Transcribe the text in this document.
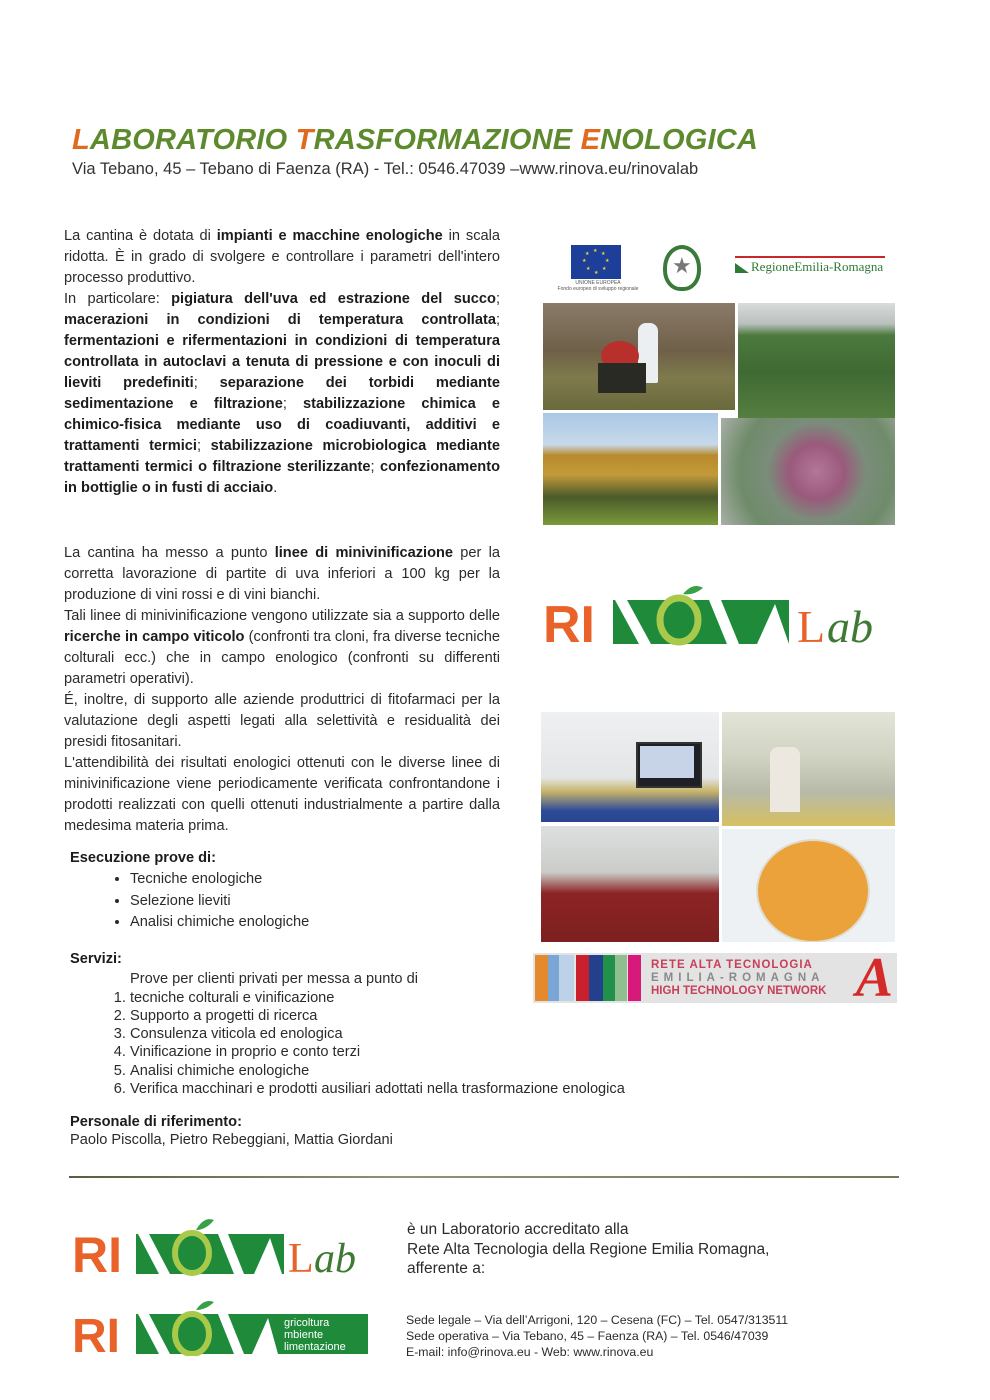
LABORATORIO TRASFORMAZIONE ENOLOGICA
Via Tebano, 45 – Tebano di Faenza (RA) - Tel.: 0546.47039 –www.rinova.eu/rinovalab
La cantina è dotata di impianti e macchine enologiche in scala ridotta. È in grado di svolgere e controllare i parametri dell'intero processo produttivo.
In particolare: pigiatura dell'uva ed estrazione del succo; macerazioni in condizioni di temperatura controllata; fermentazioni e rifermentazioni in condizioni di temperatura controllata in autoclavi a tenuta di pressione e con inoculi di lieviti predefiniti; separazione dei torbidi mediante sedimentazione e filtrazione; stabilizzazione chimica e chimico-fisica mediante uso di coadiuvanti, additivi e trattamenti termici; stabilizzazione microbiologica mediante trattamenti termici o filtrazione sterilizzante; confezionamento in bottiglie o in fusti di acciaio.
La cantina ha messo a punto linee di minivinificazione per la corretta lavorazione di partite di uva inferiori a 100 kg per la produzione di vini rossi e di vini bianchi.
Tali linee di minivinificazione vengono utilizzate sia a supporto delle ricerche in campo viticolo (confronti tra cloni, fra diverse tecniche colturali ecc.) che in campo enologico (confronti su differenti parametri operativi).
É, inoltre, di supporto alle aziende produttrici di fitofarmaci per la valutazione degli aspetti legati alla selettività e residualità dei presidi fitosanitari.
L'attendibilità dei risultati enologici ottenuti con le diverse linee di minivinificazione viene periodicamente verificata confrontandone i prodotti realizzati con quelli ottenuti industrialmente a partire dalla medesima materia prima.
Esecuzione prove di:
• Tecniche enologiche
• Selezione lieviti
• Analisi chimiche enologiche
Servizi:
1. Prove per clienti privati per messa a punto di tecniche colturali e vinificazione
2. Supporto a progetti di ricerca
3. Consulenza viticola ed enologica
4. Vinificazione in proprio e conto terzi
5. Analisi chimiche enologiche
6. Verifica macchinari e prodotti ausiliari adottati nella trasformazione enologica
Personale di riferimento:
Paolo Piscolla, Pietro Rebeggiani, Mattia Giordani
★ ★
★
★
★
★
★
★
UNIONE EUROPEA
Fondo europeo di sviluppo regionale
★
RegioneEmilia-Romagna
RI	L ab
RETE ALTA TECNOLOGIA
EMILIA-ROMAGNA
HIGH TECHNOLOGY NETWORK A
RI	L ab
RI	gricoltura
mbiente
limentazione
è un Laboratorio accreditato alla
Rete Alta Tecnologia della Regione Emilia Romagna,
afferente a:
Sede legale – Via dell’Arrigoni, 120 – Cesena (FC) – Tel. 0547/313511
Sede operativa – Via Tebano, 45 – Faenza (RA) – Tel. 0546/47039
E-mail: info@rinova.eu - Web: www.rinova.eu
